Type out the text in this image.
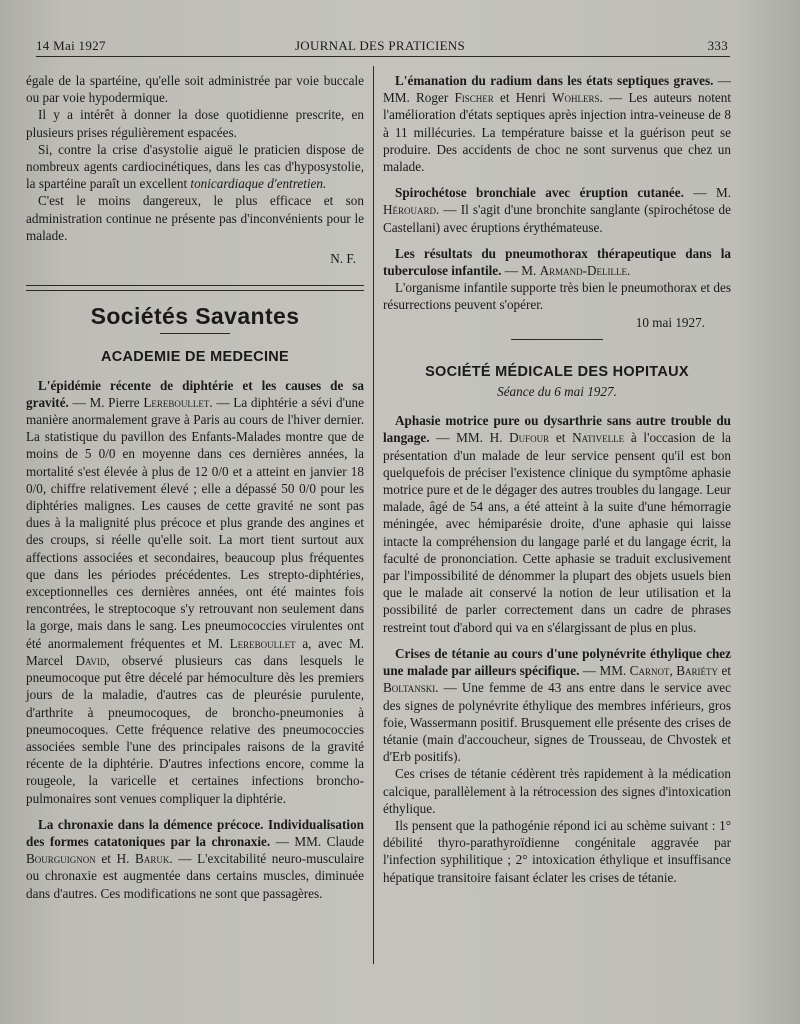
14 Mai 1927	JOURNAL DES PRATICIENS	333

égale de la spartéine, qu'elle soit administrée par voie buccale ou par voie hypodermique.

Il y a intérêt à donner la dose quotidienne prescrite, en plusieurs prises régulièrement espacées.

Si, contre la crise d'asystolie aiguë le praticien dispose de nombreux agents cardiocinétiques, dans les cas d'hyposystolie, la spartéine paraît un excellent tonicardiaque d'entretien.

C'est le moins dangereux, le plus efficace et son administration continue ne présente pas d'inconvénients pour le malade.

N. F.

Sociétés Savantes

ACADEMIE DE MEDECINE

L'épidémie récente de diphtérie et les causes de sa gravité. — M. Pierre Lereboullet. — La diphtérie a sévi d'une manière anormalement grave à Paris au cours de l'hiver dernier. La statistique du pavillon des Enfants-Malades montre que de moins de 5 0/0 en moyenne dans ces dernières années, la mortalité s'est élevée à plus de 12 0/0 et a atteint en janvier 18 0/0, chiffre relativement élevé ; elle a dépassé 50 0/0 pour les diphtéries malignes. Les causes de cette gravité ne sont pas dues à la malignité plus précoce et plus grande des angines et des croups, si réelle qu'elle soit. La mort tient surtout aux affections associées et secondaires, beaucoup plus fréquentes que dans les périodes précédentes. Les strepto-diphtéries, exceptionnelles ces dernières années, ont été maintes fois rencontrées, le streptocoque s'y retrouvant non seulement dans la gorge, mais dans le sang. Les pneumococcies virulentes ont été anormalement fréquentes et M. Lereboullet a, avec M. Marcel David, observé plusieurs cas dans lesquels le pneumocoque put être décelé par hémoculture dès les premiers jours de la maladie, d'autres cas de pleurésie purulente, d'arthrite à pneumocoques, de broncho-pneumonies à pneumocoques. Cette fréquence relative des pneumococcies associées semble l'une des principales raisons de la gravité récente de la diphtérie. D'autres infections encore, comme la rougeole, la varicelle et certaines infections broncho-pulmonaires sont venues compliquer la diphtérie.

La chronaxie dans la démence précoce. Individualisation des formes catatoniques par la chronaxie. — MM. Claude Bourguignon et H. Baruk. — L'excitabilité neuro-musculaire ou chronaxie est augmentée dans certains muscles, diminuée dans d'autres. Ces modifications ne sont que passagères.

L'émanation du radium dans les états septiques graves. — MM. Roger Fischer et Henri Wohlers. — Les auteurs notent l'amélioration d'états septiques après injection intra-veineuse de 8 à 11 millécuries. La température baisse et la guérison peut se produire. Des accidents de choc ne sont survenus que chez un malade.

Spirochétose bronchiale avec éruption cutanée. — M. Hérouard. — Il s'agit d'une bronchite sanglante (spirochétose de Castellani) avec éruptions érythémateuse.

Les résultats du pneumothorax thérapeutique dans la tuberculose infantile. — M. Armand-Delille.

L'organisme infantile supporte très bien le pneumothorax et des résurrections peuvent s'opérer.

10 mai 1927.

SOCIÉTÉ MÉDICALE DES HOPITAUX

Séance du 6 mai 1927.

Aphasie motrice pure ou dysarthrie sans autre trouble du langage. — MM. H. Dufour et Nativelle à l'occasion de la présentation d'un malade de leur service pensent qu'il est bon quelquefois de préciser l'existence clinique du symptôme aphasie motrice pure et de le dégager des autres troubles du langage. Leur malade, âgé de 54 ans, a été atteint à la suite d'une hémorragie méningée, avec hémiparésie droite, d'une aphasie qui laisse intacte la compréhension du langage parlé et du langage écrit, la faculté de prononciation. Cette aphasie se traduit exclusivement par l'impossibilité de dénommer la plupart des objets usuels bien que le malade ait conservé la notion de leur utilisation et la possibilité de parler correctement dans un cadre de phrases restreint tout d'abord qui va en s'élargissant de plus en plus.

Crises de tétanie au cours d'une polynévrite éthylique chez une malade par ailleurs spécifique. — MM. Carnot, Bariéty et Boltanski. — Une femme de 43 ans entre dans le service avec des signes de polynévrite éthylique des membres inférieurs, gros foie, Wassermann positif. Brusquement elle présente des crises de tétanie (main d'accoucheur, signes de Trousseau, de Chvostek et d'Erb positifs).

Ces crises de tétanie cédèrent très rapidement à la médication calcique, parallèlement à la rétrocession des signes d'intoxication éthylique.

Ils pensent que la pathogénie répond ici au schème suivant : 1° débilité thyro-parathyroïdienne congénitale aggravée par l'infection syphilitique ; 2° intoxication éthylique et insuffisance hépatique transitoire faisant éclater les crises de tétanie.
